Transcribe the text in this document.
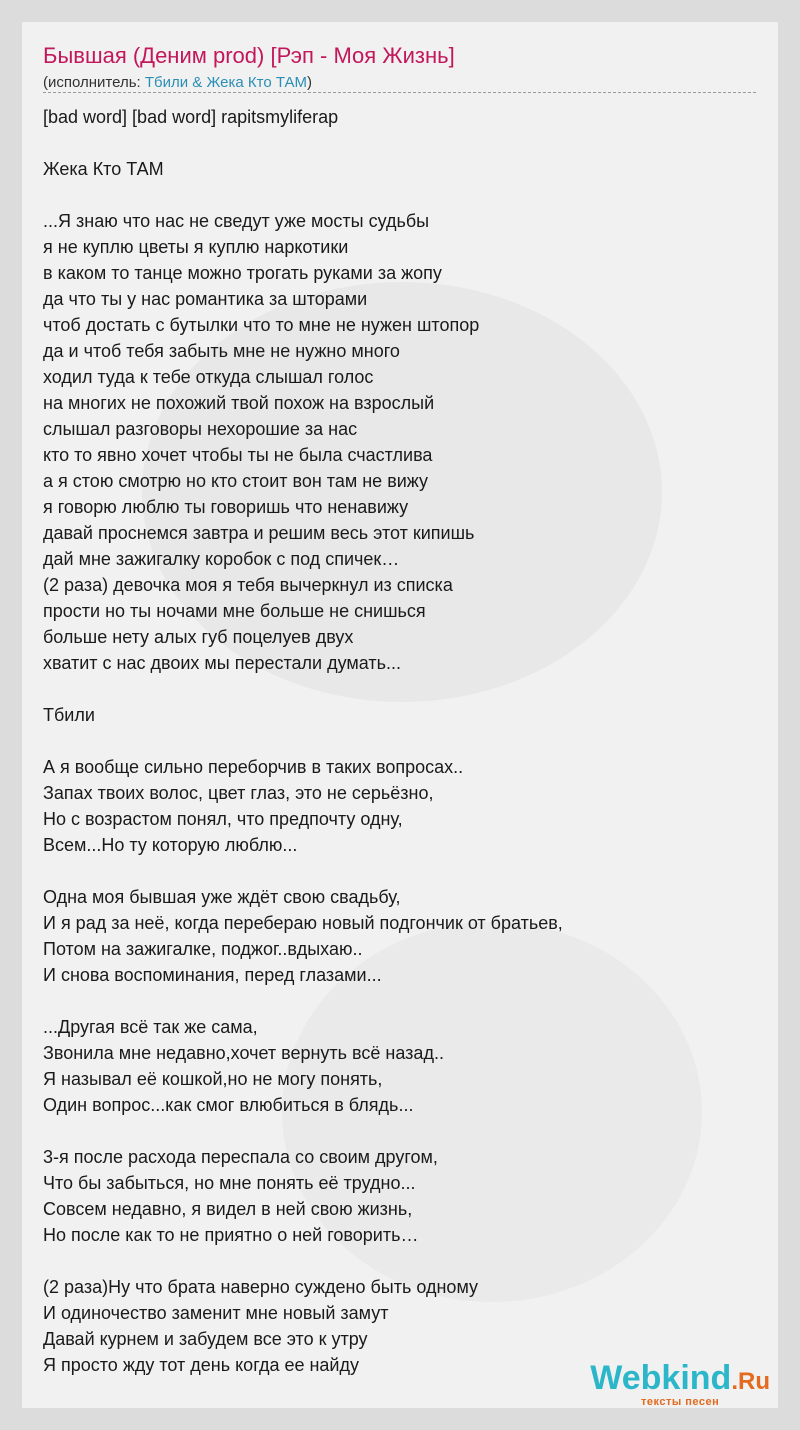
Бывшая (Деним prod) [Рэп - Моя Жизнь]
(исполнитель: Тбили & Жека Кто ТАМ)
[bad word] [bad word] rapitsmyliferap
Жека Кто ТАМ
...Я знаю что нас не сведут уже мосты судьбы
я не куплю цветы я куплю наркотики
в каком то танце можно трогать руками за жопу
да что ты у нас романтика за шторами
чтоб достать с бутылки что то мне не нужен штопор
да и чтоб тебя забыть мне не нужно много
ходил туда к тебе откуда слышал голос
на многих не похожий твой похож на взрослый
слышал разговоры нехорошие за нас
кто то явно хочет чтобы ты не была счастлива
а я стою смотрю но кто стоит вон там не вижу
я говорю люблю ты говоришь что ненавижу
давай проснемся завтра и решим весь этот кипишь
дай мне зажигалку коробок с под спичек…
(2 раза) девочка моя я тебя вычеркнул из списка
прости но ты ночами мне больше не снишься
больше нету алых губ поцелуев двух
хватит с нас двоих мы перестали думать...
Тбили
А я вообще сильно переборчив в таких вопросах..
Запах твоих волос, цвет глаз, это не серьёзно,
Но с возрастом понял, что предпочту одну,
Всем...Но ту которую люблю...
Одна моя бывшая уже ждёт свою свадьбу,
И я рад за неё, когда перебераю новый подгончик от братьев,
Потом на зажигалке, поджог..вдыхаю..
И снова воспоминания, перед глазами...
...Другая всё так же сама,
Звонила мне недавно,хочет вернуть всё назад..
Я называл её кошкой,но не могу понять,
Один вопрос...как смог влюбиться в блядь...
3-я после расхода переспала со своим другом,
Что бы забыться, но мне понять её трудно...
Совсем недавно, я видел в ней свою жизнь,
Но после как то не приятно о ней говорить…
(2 раза)Ну что брата наверно суждено быть одному
И одиночество заменит мне новый замут
Давай курнем и забудем все это к утру
Я просто жду тот день когда ее найду	Webkind.Ru
тексты песен
